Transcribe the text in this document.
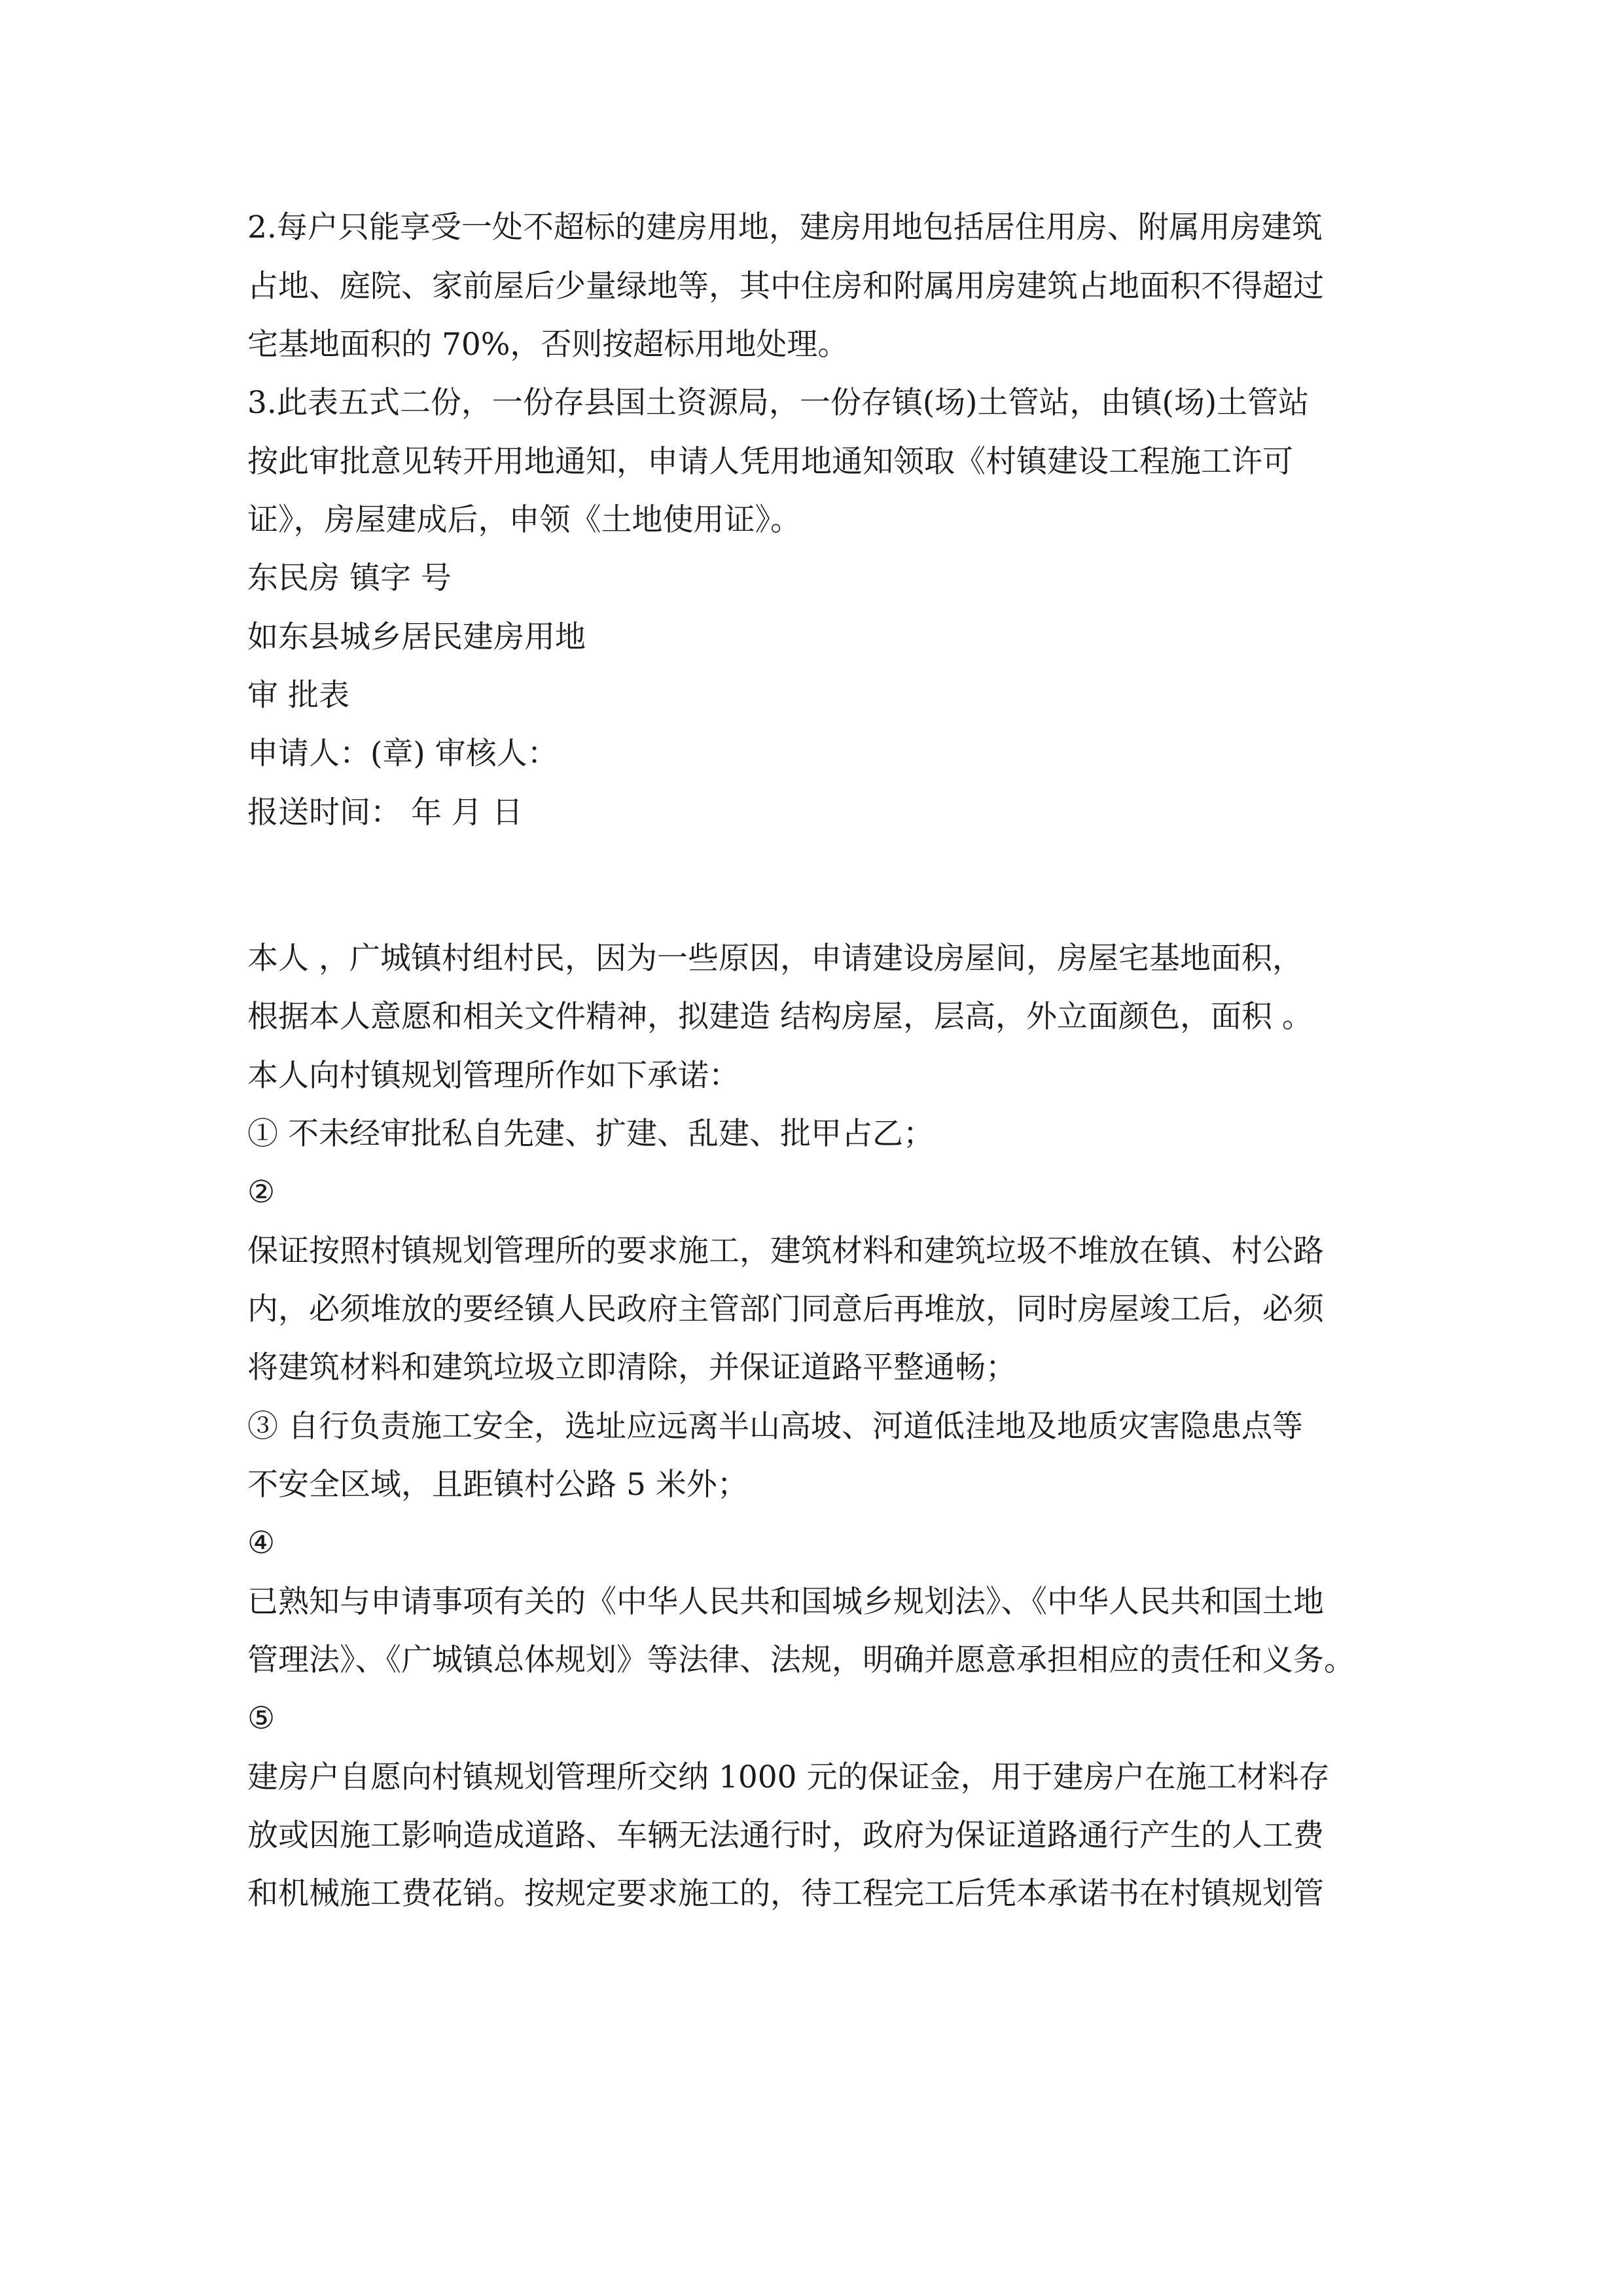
2.每户只能享受一处不超标的建房用地，建房用地包括居住用房、附属用房建筑
占地、庭院、家前屋后少量绿地等，其中住房和附属用房建筑占地面积不得超过
宅基地面积的 70%，否则按超标用地处理。
3.此表五式二份，一份存县国土资源局，一份存镇(场)土管站，由镇(场)土管站
按此审批意见转开用地通知，申请人凭用地通知领取《村镇建设工程施工许可
证》，房屋建成后，申领《土地使用证》。
东民房 镇字 号
如东县城乡居民建房用地
审 批表
申请人：(章) 审核人：
报送时间： 年 月 日
本人 ，广城镇村组村民，因为一些原因，申请建设房屋间，房屋宅基地面积，
根据本人意愿和相关文件精神，拟建造 结构房屋，层高，外立面颜色，面积 。
本人向村镇规划管理所作如下承诺：
① 不未经审批私自先建、扩建、乱建、批甲占乙；
②
保证按照村镇规划管理所的要求施工，建筑材料和建筑垃圾不堆放在镇、村公路
内，必须堆放的要经镇人民政府主管部门同意后再堆放，同时房屋竣工后，必须
将建筑材料和建筑垃圾立即清除，并保证道路平整通畅；
③ 自行负责施工安全，选址应远离半山高坡、河道低洼地及地质灾害隐患点等
不安全区域，且距镇村公路 5 米外；
④
已熟知与申请事项有关的《中华人民共和国城乡规划法》、《中华人民共和国土地
管理法》、《广城镇总体规划》等法律、法规，明确并愿意承担相应的责任和义务。
⑤
建房户自愿向村镇规划管理所交纳 1000 元的保证金，用于建房户在施工材料存
放或因施工影响造成道路、车辆无法通行时，政府为保证道路通行产生的人工费
和机械施工费花销。按规定要求施工的，待工程完工后凭本承诺书在村镇规划管
